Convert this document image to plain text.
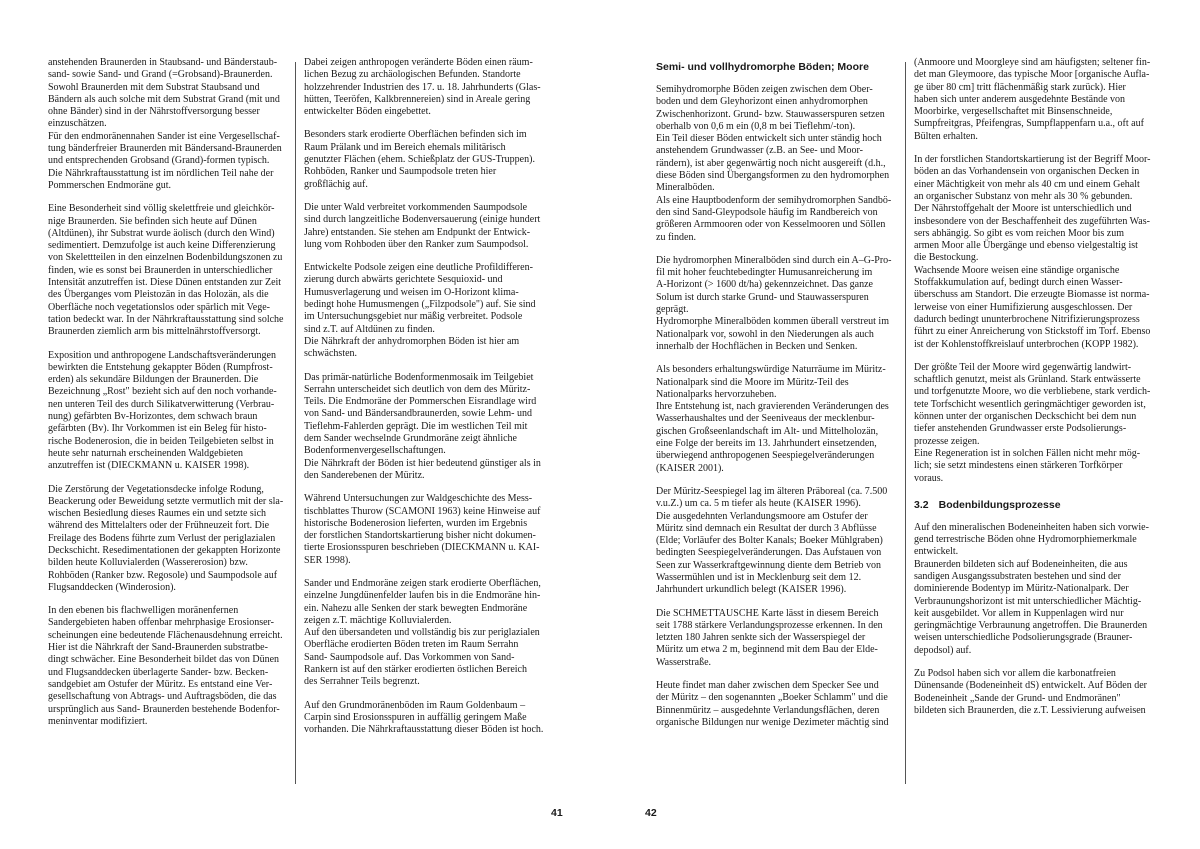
anstehenden Braunerden in Staubsand- und Bänderstaub-
sand- sowie Sand- und Grand (=Grobsand)-Braunerden.
Sowohl Braunerden mit dem Substrat Staubsand und
Bändern als auch solche mit dem Substrat Grand (mit und
ohne Bänder) sind in der Nährstoffversorgung besser
einzuschätzen.
Für den endmoränennahen Sander ist eine Vergesellschaf-
tung bänderfreier Braunerden mit Bändersand-Braunerden
und entsprechenden Grobsand (Grand)-formen typisch.
Die Nährkraftausstattung ist im nördlichen Teil nahe der
Pommerschen Endmoräne gut.

Eine Besonderheit sind völlig skelettfreie und gleichkör-
nige Braunerden. Sie befinden sich heute auf Dünen
(Altdünen), ihr Substrat wurde äolisch (durch den Wind)
sedimentiert. Demzufolge ist auch keine Differenzierung
von Skelettteilen in den einzelnen Bodenbildungszonen zu
finden, wie es sonst bei Braunerden in unterschiedlicher
Intensität anzutreffen ist. Diese Dünen entstanden zur Zeit
des Überganges vom Pleistozän in das Holozän, als die
Oberfläche noch vegetationslos oder spärlich mit Vege-
tation bedeckt war. In der Nährkraftausstattung sind solche
Braunerden ziemlich arm bis mittelnährstoffversorgt.

Exposition und anthropogene Landschaftsveränderungen
bewirkten die Entstehung gekappter Böden (Rumpfrost-
erden) als sekundäre Bildungen der Braunerden. Die
Bezeichnung „Rost" bezieht sich auf den noch vorhande-
nen unteren Teil des durch Silikatverwitterung (Verbrau-
nung) gefärbten Bv-Horizontes, dem schwach braun
gefärbten (Bv). Ihr Vorkommen ist ein Beleg für histo-
rische Bodenerosion, die in beiden Teilgebieten selbst in
heute sehr naturnah erscheinenden Waldgebieten
anzutreffen ist (DIECKMANN u. KAISER 1998).

Die Zerstörung der Vegetationsdecke infolge Rodung,
Beackerung oder Beweidung setzte vermutlich mit der sla-
wischen Besiedlung dieses Raumes ein und setzte sich
während des Mittelalters oder der Frühneuzeit fort. Die
Freilage des Bodens führte zum Verlust der periglazialen
Deckschicht. Resedimentationen der gekappten Horizonte
bilden heute Kolluvialerden (Wassererosion) bzw.
Rohböden (Ranker bzw. Regosole) und Saumpodsole auf
Flugsanddecken (Winderosion).

In den ebenen bis flachwelligen moränenfernen
Sandergebieten haben offenbar mehrphasige Erosionser-
scheinungen eine bedeutende Flächenausdehnung erreicht.
Hier ist die Nährkraft der Sand-Braunerden substratbe-
dingt schwächer. Eine Besonderheit bildet das von Dünen
und Flugsanddecken überlagerte Sander- bzw. Becken-
sandgebiet am Ostufer der Müritz. Es entstand eine Ver-
gesellschaftung von Abtrags- und Auftragsböden, die das
ursprünglich aus Sand- Braunerden bestehende Bodenfor-
meninventar modifiziert.

Dabei zeigen anthropogen veränderte Böden einen räum-
lichen Bezug zu archäologischen Befunden. Standorte
holzzehrender Industrien des 17. u. 18. Jahrhunderts (Glas-
hütten, Teeröfen, Kalkbrennereien) sind in Areale gering
entwickelter Böden eingebettet.

Besonders stark erodierte Oberflächen befinden sich im
Raum Prälank und im Bereich ehemals militärisch
genutzter Flächen (ehem. Schießplatz der GUS-Truppen).
Rohböden, Ranker und Saumpodsole treten hier
großflächig auf.

Die unter Wald verbreitet vorkommenden Saumpodsole
sind durch langzeitliche Bodenversauerung (einige hundert
Jahre) entstanden. Sie stehen am Endpunkt der Entwick-
lung vom Rohboden über den Ranker zum Saumpodsol.

Entwickelte Podsole zeigen eine deutliche Profildifferen-
zierung durch abwärts gerichtete Sesquioxid- und
Humusverlagerung und weisen im O-Horizont klima-
bedingt hohe Humusmengen („Filzpodsole") auf. Sie sind
im Untersuchungsgebiet nur mäßig verbreitet. Podsole
sind z.T. auf Altdünen zu finden.
Die Nährkraft der anhydromorphen Böden ist hier am
schwächsten.

Das primär-natürliche Bodenformenmosaik im Teilgebiet
Serrahn unterscheidet sich deutlich von dem des Müritz-
Teils. Die Endmoräne der Pommerschen Eisrandlage wird
von Sand- und Bändersandbraunerden, sowie Lehm- und
Tieflehm-Fahlerden geprägt. Die im westlichen Teil mit
dem Sander wechselnde Grundmoräne zeigt ähnliche
Bodenformenvergesellschaftungen.
Die Nährkraft der Böden ist hier bedeutend günstiger als in
den Sanderebenen der Müritz.

Während Untersuchungen zur Waldgeschichte des Mess-
tischblattes Thurow (SCAMONI 1963) keine Hinweise auf
historische Bodenerosion lieferten, wurden im Ergebnis
der forstlichen Standortskartierung bisher nicht dokumen-
tierte Erosionsspuren beschrieben (DIECKMANN u. KAI-
SER 1998).

Sander und Endmoräne zeigen stark erodierte Oberflächen,
einzelne Jungdünenfelder laufen bis in die Endmoräne hin-
ein. Nahezu alle Senken der stark bewegten Endmoräne
zeigen z.T. mächtige Kolluvialerden.
Auf den übersandeten und vollständig bis zur periglazialen
Oberfläche erodierten Böden treten im Raum Serrahn
Sand- Saumpodsole auf. Das Vorkommen von Sand-
Rankern ist auf den stärker erodierten östlichen Bereich
des Serrahner Teils begrenzt.

Auf den Grundmoränenböden im Raum Goldenbaum –
Carpin sind Erosionsspuren in auffällig geringem Maße
vorhanden. Die Nährkraftausstattung dieser Böden ist hoch.

41
Semi- und vollhydromorphe Böden; Moore

Semihydromorphe Böden zeigen zwischen dem Ober-
boden und dem Gleyhorizont einen anhydromorphen
Zwischenhorizont. Grund- bzw. Stauwasserspuren setzen
oberhalb von 0,6 m ein (0,8 m bei Tieflehm/-ton).
Ein Teil dieser Böden entwickelt sich unter ständig hoch
anstehendem Grundwasser (z.B. an See- und Moor-
rändern), ist aber gegenwärtig noch nicht ausgereift (d.h.,
diese Böden sind Übergangsformen zu den hydromorphen
Mineralböden.
Als eine Hauptbodenform der semihydromorphen Sandbö-
den sind Sand-Gleypodsole häufig im Randbereich von
größeren Armmooren oder von Kesselmooren und Söllen
zu finden.

Die hydromorphen Mineralböden sind durch ein A–G-Pro-
fil mit hoher feuchtebedingter Humusanreicherung im
A-Horizont (> 1600 dt/ha) gekennzeichnet. Das ganze
Solum ist durch starke Grund- und Stauwasserspuren
geprägt.
Hydromorphe Mineralböden kommen überall verstreut im
Nationalpark vor, sowohl in den Niederungen als auch
innerhalb der Hochflächen in Becken und Senken.

Als besonders erhaltungswürdige Naturräume im Müritz-
Nationalpark sind die Moore im Müritz-Teil des
Nationalparks hervorzuheben.
Ihre Entstehung ist, nach gravierenden Veränderungen des
Wasserhaushaltes und der Seeniveaus der mecklenbur-
gischen Großseenlandschaft im Alt- und Mittelholozän,
eine Folge der bereits im 13. Jahrhundert einsetzenden,
überwiegend anthropogenen Seespiegelveränderungen
(KAISER 2001).

Der Müritz-Seespiegel lag im älteren Präboreal (ca. 7.500
v.u.Z.) um ca. 5 m tiefer als heute (KAISER 1996).
Die ausgedehnten Verlandungsmoore am Ostufer der
Müritz sind demnach ein Resultat der durch 3 Abflüsse
(Elde; Vorläufer des Bolter Kanals; Boeker Mühlgraben)
bedingten Seespiegelveränderungen. Das Aufstauen von
Seen zur Wasserkraftgewinnung diente dem Betrieb von
Wassermühlen und ist in Mecklenburg seit dem 12.
Jahrhundert urkundlich belegt (KAISER 1996).

Die SCHMETTAUSCHE Karte lässt in diesem Bereich
seit 1788 stärkere Verlandungsprozesse erkennen. In den
letzten 180 Jahren senkte sich der Wasserspiegel der
Müritz um etwa 2 m, beginnend mit dem Bau der Elde-
Wasserstraße.

Heute findet man daher zwischen dem Specker See und
der Müritz – den sogenannten „Boeker Schlamm" und die
Binnenmüritz – ausgedehnte Verlandungsflächen, deren
organische Bildungen nur wenige Dezimeter mächtig sind

(Anmoore und Moorgleye sind am häufigsten; seltener fin-
det man Gleymoore, das typische Moor [organische Aufla-
ge über 80 cm] tritt flächenmäßig stark zurück). Hier
haben sich unter anderem ausgedehnte Bestände von
Moorbirke, vergesellschaftet mit Binsenschneide,
Sumpfreitgras, Pfeifengras, Sumpflappenfarn u.a., oft auf
Bülten erhalten.

In der forstlichen Standortskartierung ist der Begriff Moor-
böden an das Vorhandensein von organischen Decken in
einer Mächtigkeit von mehr als 40 cm und einem Gehalt
an organischer Substanz von mehr als 30 % gebunden.
Der Nährstoffgehalt der Moore ist unterschiedlich und
insbesondere von der Beschaffenheit des zugeführten Was-
sers abhängig. So gibt es vom reichen Moor bis zum
armen Moor alle Übergänge und ebenso vielgestaltig ist
die Bestockung.
Wachsende Moore weisen eine ständige organische
Stoffakkumulation auf, bedingt durch einen Wasser-
überschuss am Standort. Die erzeugte Biomasse ist norma-
lerweise von einer Humifizierung ausgeschlossen. Der
dadurch bedingt ununterbrochene Nitrifizierungsprozess
führt zu einer Anreicherung von Stickstoff im Torf. Ebenso
ist der Kohlenstoffkreislauf unterbrochen (KOPP 1982).

Der größte Teil der Moore wird gegenwärtig landwirt-
schaftlich genutzt, meist als Grünland. Stark entwässerte
und torfgenutzte Moore, wo die verbliebene, stark verdich-
tete Torfschicht wesentlich geringmächtiger geworden ist,
können unter der organischen Deckschicht bei dem nun
tiefer anstehenden Grundwasser erste Podsolierungs-
prozesse zeigen.
Eine Regeneration ist in solchen Fällen nicht mehr mög-
lich; sie setzt mindestens einen stärkeren Torfkörper
voraus.

3.2 Bodenbildungsprozesse

Auf den mineralischen Bodeneinheiten haben sich vorwie-
gend terrestrische Böden ohne Hydromorphiemerkmale
entwickelt.
Braunerden bildeten sich auf Bodeneinheiten, die aus
sandigen Ausgangssubstraten bestehen und sind der
dominierende Bodentyp im Müritz-Nationalpark. Der
Verbraunungshorizont ist mit unterschiedlicher Mächtig-
keit ausgebildet. Vor allem in Kuppenlagen wird nur
geringmächtige Verbraunung angetroffen. Die Braunerden
weisen unterschiedliche Podsolierungsgrade (Brauner-
depodsol) auf.

Zu Podsol haben sich vor allem die karbonatfreien
Dünensande (Bodeneinheit dS) entwickelt. Auf Böden der
Bodeneinheit „Sande der Grund- und Endmoränen"
bildeten sich Braunerden, die z.T. Lessivierung aufweisen

42
